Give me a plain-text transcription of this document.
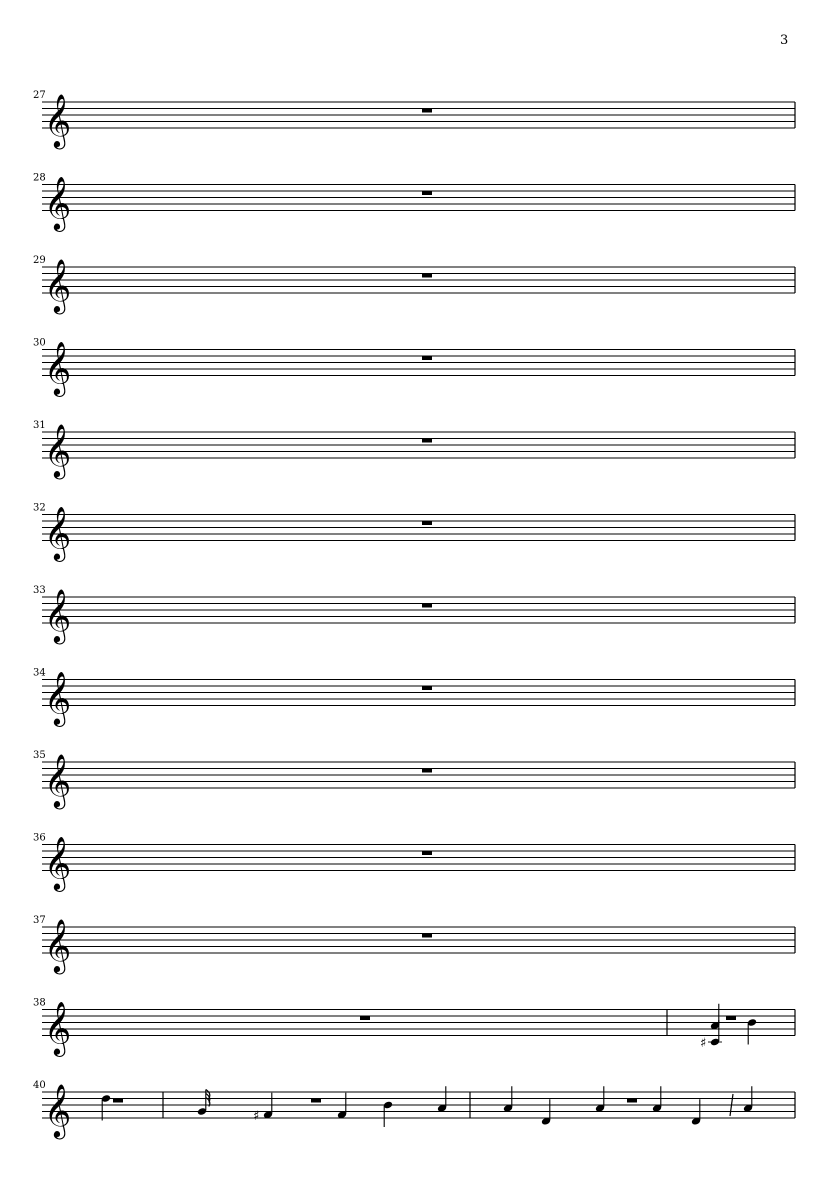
3
27
𝄞
28
𝄞
29
𝄞
30
𝄞
31
𝄞
32
𝄞
33
𝄞
34
𝄞
35
𝄞
36
𝄞
37
𝄞
38
𝄞	♯
40
𝄞	♯
